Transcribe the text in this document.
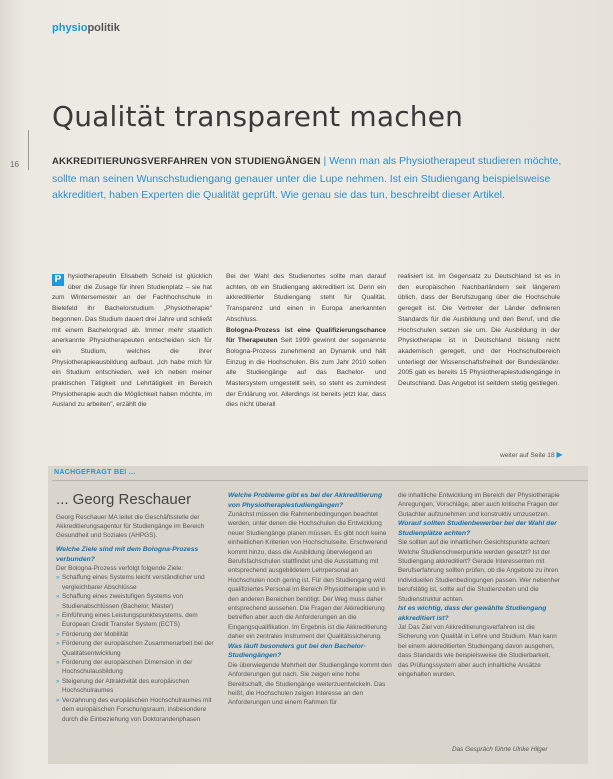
physiopolitik
16
Qualität transparent machen
AKKREDITIERUNGSVERFAHREN VON STUDIENGÄNGEN | Wenn man als Physiotherapeut studieren möchte, sollte man seinen Wunschstudiengang genauer unter die Lupe nehmen. Ist ein Studiengang beispielsweise akkreditiert, haben Experten die Qualität geprüft. Wie genau sie das tun, beschreibt dieser Artikel.
P	hysiotherapeutin Elisabeth Scheld ist glücklich über die Zusage für ihren Studienplatz – sie hat zum Wintersemester an der Fachhochschule in Bielefeld ihr Bachelorstudium „Physiotherapie" begonnen. Das Studium dauert drei Jahre und schließt mit einem Bachelorgrad ab. Immer mehr staatlich anerkannte Physiotherapeuten entscheiden sich für ein Studium, welches die ihrer Physiotherapieausbildung aufbaut. „Ich habe mich für ein Studium entschieden, weil ich neben meiner praktischen Tätigkeit und Lehrtätigkeit im Bereich Physiotherapie auch die Möglichkeit haben möchte, im Ausland zu arbeiten", erzählt die
Bei der Wahl des Studienortes sollte man darauf achten, ob ein Studiengang akkreditiert ist. Denn ein akkreditierter Studiengang steht für Qualität, Transparenz und einen in Europa anerkannten Abschluss.
Bologna-Prozess ist eine Qualifizierungschance für Therapeuten Seit 1999 gewinnt der sogenannte Bologna-Prozess zunehmend an Dynamik und hält Einzug in die Hochschulen. Bis zum Jahr 2010 sollen alle Studiengänge auf das Bachelor- und Mastersystem umgestellt sein, so steht es zumindest der Erklärung vor. Allerdings ist bereits jetzt klar, dass dies nicht überall
realisiert ist. Im Gegensatz zu Deutschland ist es in den europäischen Nachbarländern seit längerem üblich, dass der Berufszugang über die Hochschule geregelt ist. Die Vertreter der Länder definieren Standards für die Ausbildung und den Beruf, und die Hochschulen setzen sie um. Die Ausbildung in der Physiotherapie ist in Deutschland bislang nicht akademisch geregelt, und der Hochschulbereich unterliegt der Wissenschaftsfreiheit der Bundesländer. 2005 gab es bereits 15 Physiotherapiestudiengänge in Deutschland. Das Angebot ist seitdem stetig gestiegen.
weiter auf Seite 18 ▶
NACHGEFRAGT BEI ...
... Georg Reschauer

Georg Reschauer MA leitet die Geschäftsstelle der Akkreditierungsagentur für Studiengänge im Bereich Gesundheit und Soziales (AHPGS).

Welche Ziele sind mit dem Bologna-Prozess verbunden?

Der Bologna-Prozess verfolgt folgende Ziele:

» Schaffung eines Systems leicht verständlicher und vergleichbarer Abschlüsse
» Schaffung eines zweistufigen Systems von Studienabschlüssen (Bachelor, Master)
» Einführung eines Leistungspunktesystems, dem European Credit Transfer System (ECTS)
» Förderung der Mobilität
» Förderung der europäischen Zusammenarbeit bei der Qualitätsentwicklung
» Förderung der europäischen Dimension in der Hochschulausbildung
» Steigerung der Attraktivität des europäischen Hochschulraumes
» Verzahnung des europäischen Hochschulraumes mit dem europäischen Forschungsraum, insbesondere durch die Einbeziehung von Doktorandenphasen

Welche Probleme gibt es bei der Akkreditierung von Physiotherapiestudiengängen?

Zunächst müssen die Rahmenbedingungen beachtet werden, unter denen die Hochschulen die Entwicklung neuer Studiengänge planen müssen. Es gibt noch keine einheitlichen Kriterien von Hochschulseite. Erschwerend kommt hinzu, dass die Ausbildung überwiegend an Berufsfachschulen stattfindet und die Ausstattung mit entsprechend ausgebildetem Lehrpersonal an Hochschulen noch gering ist. Für den Studiengang wird qualifiziertes Personal im Bereich Physiotherapie und in den anderen Bereichen benötigt. Der Weg muss daher entsprechend aussehen. Die Fragen der Akkreditierung betreffen aber auch die Anforderungen an die Eingangsqualifikation. Im Ergebnis ist die Akkreditierung daher ein zentrales Instrument der Qualitätssicherung.

Was läuft besonders gut bei den Bachelor-Studiengängen?

Die überwiegende Mehrheit der Studiengänge kommt den Anforderungen gut nach. Sie zeigen eine hohe Bereitschaft, die Studiengänge weiterzuentwickeln. Das heißt, die Hochschulen zeigen Interesse an den Anforderungen und einem Rahmen für

die inhaltliche Entwicklung im Bereich der Physiotherapie Anregungen, Vorschläge, aber auch kritische Fragen der Gutachter aufzunehmen und konstruktiv umzusetzen.

Worauf sollten Studienbewerber bei der Wahl der Studienplätze achten?

Sie sollten auf die inhaltlichen Gesichtspunkte achten: Welche Studienschwerpunkte werden gesetzt? Ist der Studiengang akkreditiert? Gerade Interessenten mit Berufserfahrung sollten prüfen, ob die Angebote zu ihren individuellen Studienbedingungen passen. Wer nebenher berufstätig ist, sollte auf die Studienzeiten und die Studienstruktur achten.

Ist es wichtig, dass der gewählte Studiengang akkreditiert ist?

Ja! Das Ziel von Akkreditierungsverfahren ist die Sicherung von Qualität in Lehre und Studium. Man kann bei einem akkreditierten Studiengang davon ausgehen, dass Standards wie beispielsweise die Studierbarkeit, das Prüfungssystem aber auch inhaltliche Ansätze eingehalten wurden.

Das Gespräch führte Ulrike Hilger
